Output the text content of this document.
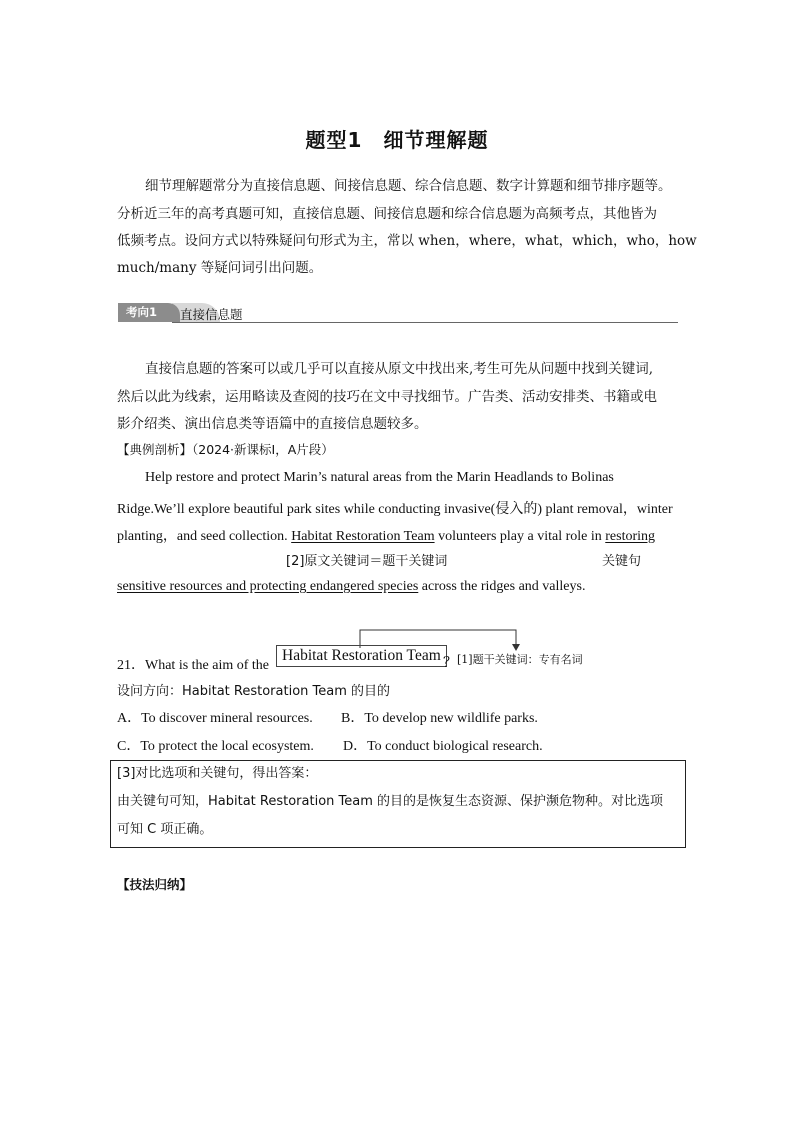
题型1　细节理解题
细节理解题常分为直接信息题、间接信息题、综合信息题、数字计算题和细节排序题等。
分析近三年的高考真题可知，直接信息题、间接信息题和综合信息题为高频考点，其他皆为
低频考点。设问方式以特殊疑问句形式为主，常以 when，where，what，which，who，how
much/many 等疑问词引出问题。
考向1	直接信息题
直接信息题的答案可以或几乎可以直接从原文中找出来,考生可先从问题中找到关键词,
然后以此为线索，运用略读及查阅的技巧在文中寻找细节。广告类、活动安排类、书籍或电
影介绍类、演出信息类等语篇中的直接信息题较多。
【典例剖析】（2024·新课标Ⅰ，A片段）
Help restore and protect Marin’s natural areas from the Marin Headlands to Bolinas
Ridge.We’ll explore beautiful park sites while conducting invasive(侵入的) plant removal，winter
planting，and seed collection. Habitat Restoration Team volunteers play a vital role in restoring
[2]原文关键词＝题干关键词	关键句
sensitive resources and protecting endangered species across the ridges and valleys.
21．What is the aim of the
Habitat Restoration Team ？ [1]题干关键词：专有名词
设问方向：Habitat Restoration Team 的目的
A．To discover mineral resources. B．To develop new wildlife parks.
C．To protect the local ecosystem. D．To conduct biological research.
[3]对比选项和关键句，得出答案：
由关键句可知，Habitat Restoration Team 的目的是恢复生态资源、保护濒危物种。对比选项
可知 C 项正确。
【技法归纳】
